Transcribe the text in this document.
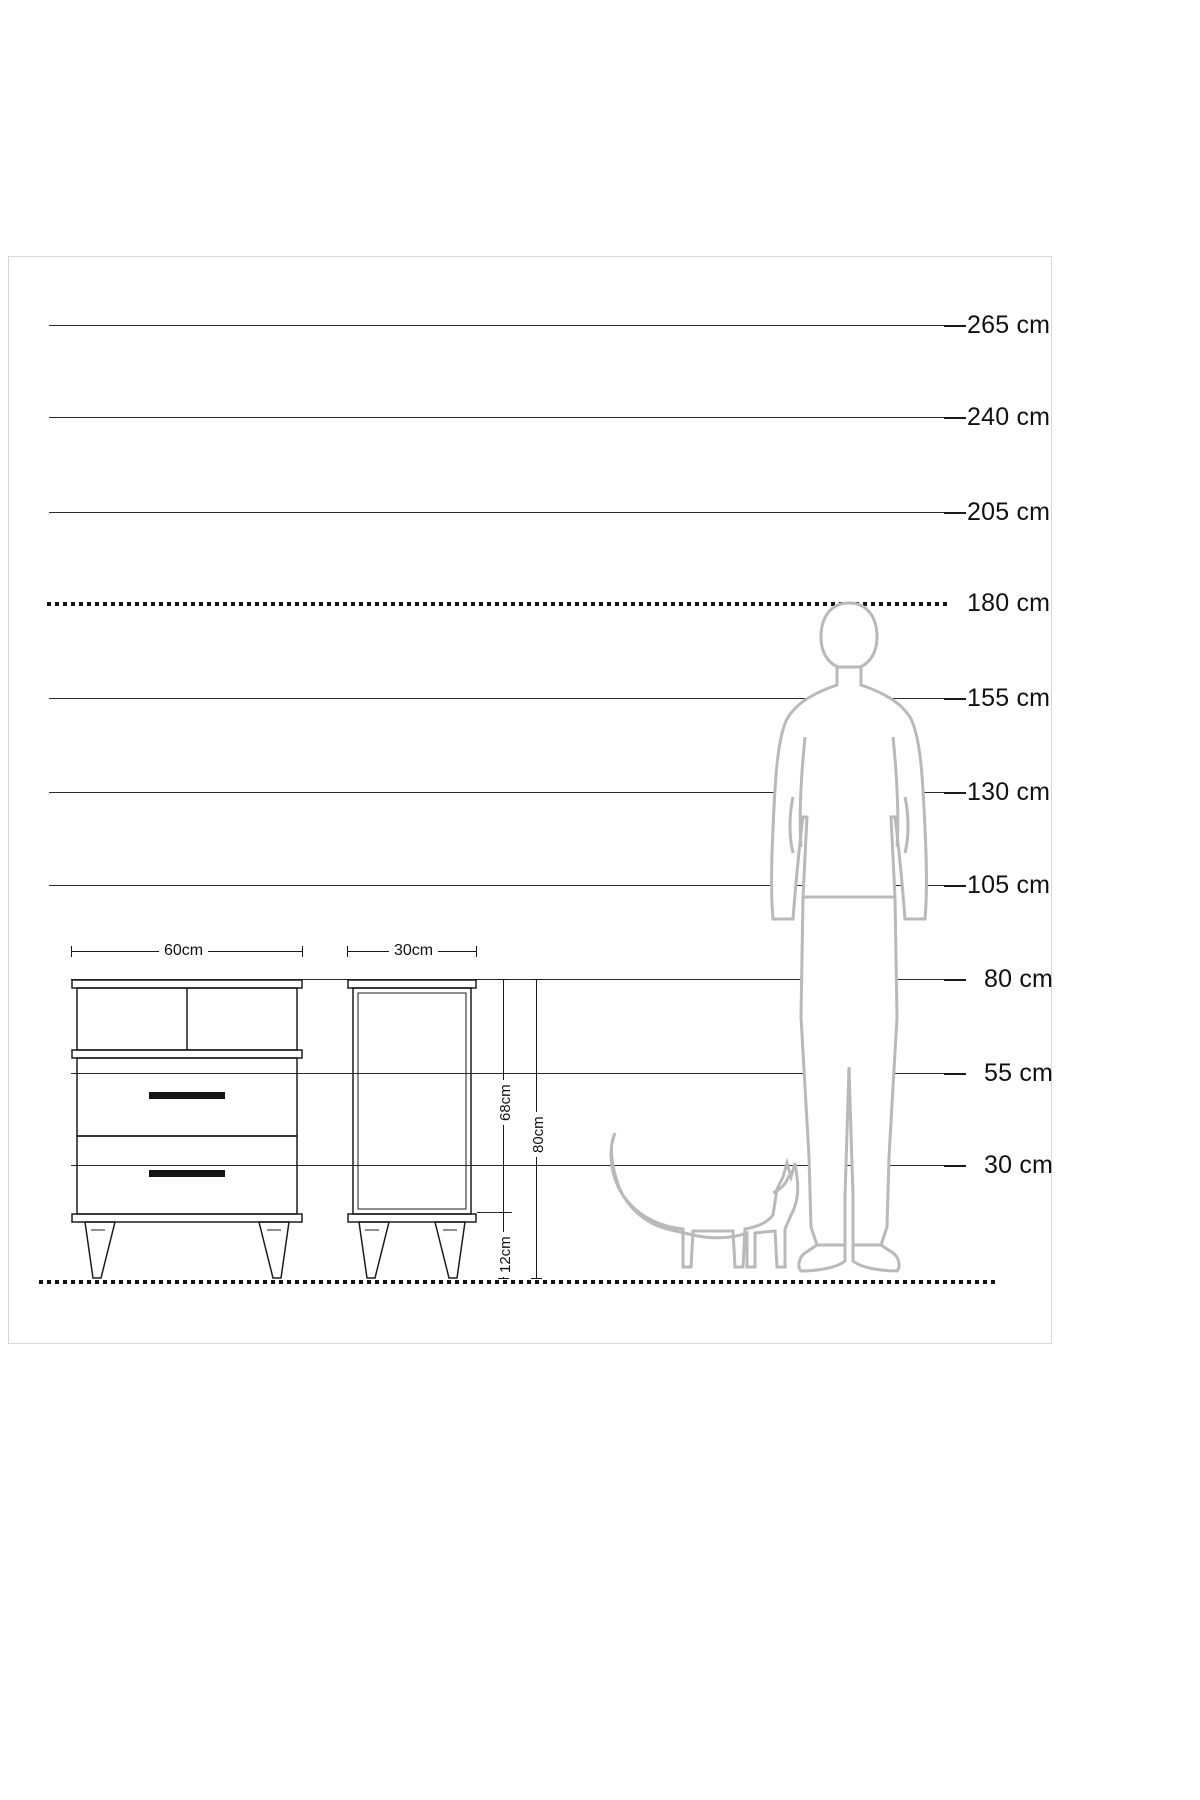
265 cm
240 cm
205 cm
180 cm
155 cm
130 cm
105 cm
80 cm
55 cm
30 cm
60cm	30cm
68cm
12cm
80cm
